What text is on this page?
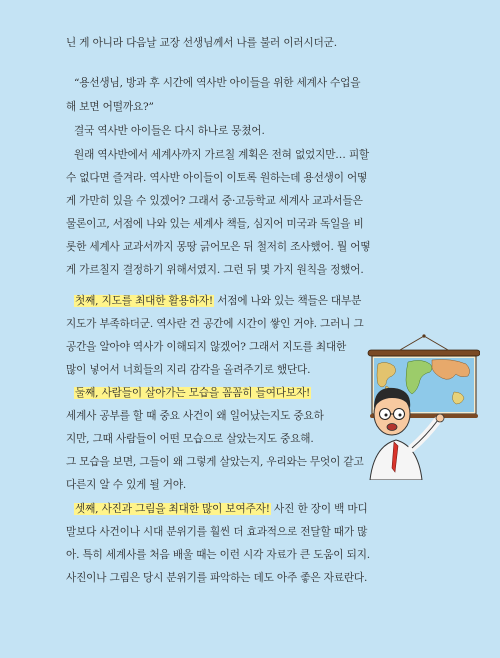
닌 게 아니라 다음날 교장 선생님께서 나를 불러 이러시더군.
“용선생님, 방과 후 시간에 역사반 아이들을 위한 세계사 수업을
해 보면 어떨까요?”
결국 역사반 아이들은 다시 하나로 뭉쳤어.
원래 역사반에서 세계사까지 가르칠 계획은 전혀 없었지만… 피할
수 없다면 즐겨라. 역사반 아이들이 이토록 원하는데 용선생이 어떻
게 가만히 있을 수 있겠어? 그래서 중·고등학교 세계사 교과서들은
물론이고, 서점에 나와 있는 세계사 책들, 심지어 미국과 독일을 비
롯한 세계사 교과서까지 몽땅 긁어모은 뒤 철저히 조사했어. 뭘 어떻
게 가르칠지 결정하기 위해서였지. 그런 뒤 몇 가지 원칙을 정했어.
첫째, 지도를 최대한 활용하자! 서점에 나와 있는 책들은 대부분
지도가 부족하더군. 역사란 건 공간에 시간이 쌓인 거야. 그러니 그
공간을 알아야 역사가 이해되지 않겠어? 그래서 지도를 최대한
많이 넣어서 너희들의 지리 감각을 올려주기로 했단다.
둘째, 사람들이 살아가는 모습을 꼼꼼히 들여다보자!
세계사 공부를 할 때 중요 사건이 왜 일어났는지도 중요하
지만, 그때 사람들이 어떤 모습으로 살았는지도 중요해.
그 모습을 보면, 그들이 왜 그렇게 살았는지, 우리와는 무엇이 같고
다른지 알 수 있게 될 거야.
셋째, 사진과 그림을 최대한 많이 보여주자! 사진 한 장이 백 마디
말보다 사건이나 시대 분위기를 훨씬 더 효과적으로 전달할 때가 많
아. 특히 세계사를 처음 배울 때는 이런 시각 자료가 큰 도움이 되지.
사진이나 그림은 당시 분위기를 파악하는 데도 아주 좋은 자료란다.
